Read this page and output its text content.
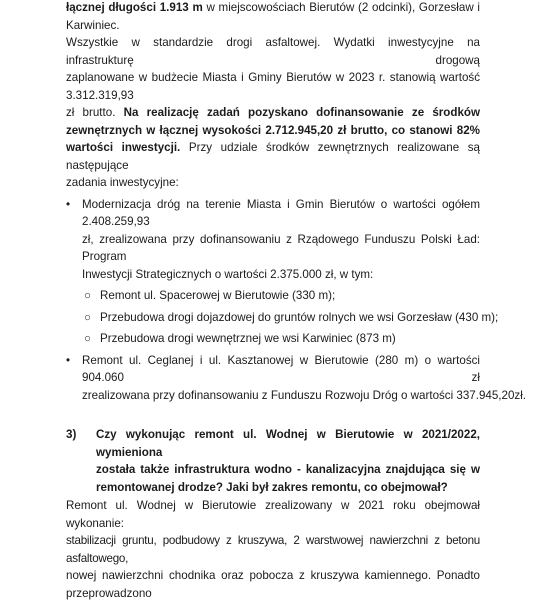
łącznej długości 1.913 m w miejscowościach Bierutów (2 odcinki), Gorzesław i Karwiniec.
Wszystkie w standardzie drogi asfaltowej. Wydatki inwestycyjne na infrastrukturę drogową
zaplanowane w budżecie Miasta i Gminy Bierutów w 2023 r. stanowią wartość 3.312.319,93
zł brutto. Na realizację zadań pozyskano dofinansowanie ze środków
zewnętrznych w łącznej wysokości 2.712.945,20 zł brutto, co stanowi 82%
wartości inwestycji. Przy udziale środków zewnętrznych realizowane są następujące
zadania inwestycyjne:
• Modernizacja dróg na terenie Miasta i Gmin Bierutów o wartości ogółem 2.408.259,93
zł, zrealizowana przy dofinansowaniu z Rządowego Funduszu Polski Ład: Program
Inwestycji Strategicznych o wartości 2.375.000 zł, w tym:
○ Remont ul. Spacerowej w Bierutowie (330 m);
○ Przebudowa drogi dojazdowej do gruntów rolnych we wsi Gorzesław (430 m);
○ Przebudowa drogi wewnętrznej we wsi Karwiniec (873 m)
• Remont ul. Ceglanej i ul. Kasztanowej w Bierutowie (280 m) o wartości 904.060 zł
zrealizowana przy dofinansowaniu z Funduszu Rozwoju Dróg o wartości 337.945,20zł.
3) Czy wykonując remont ul. Wodnej w Bierutowie w 2021/2022, wymieniona
została także infrastruktura wodno - kanalizacyjna znajdująca się w
remontowanej drodze? Jaki był zakres remontu, co obejmował?
Remont ul. Wodnej w Bierutowie zrealizowany w 2021 roku obejmował wykonanie:
stabilizacji gruntu, podbudowy z kruszywa, 2 warstwowej nawierzchni z betonu asfaltowego,
nowej nawierzchni chodnika oraz pobocza z kruszywa kamiennego. Ponadto przeprowadzono
